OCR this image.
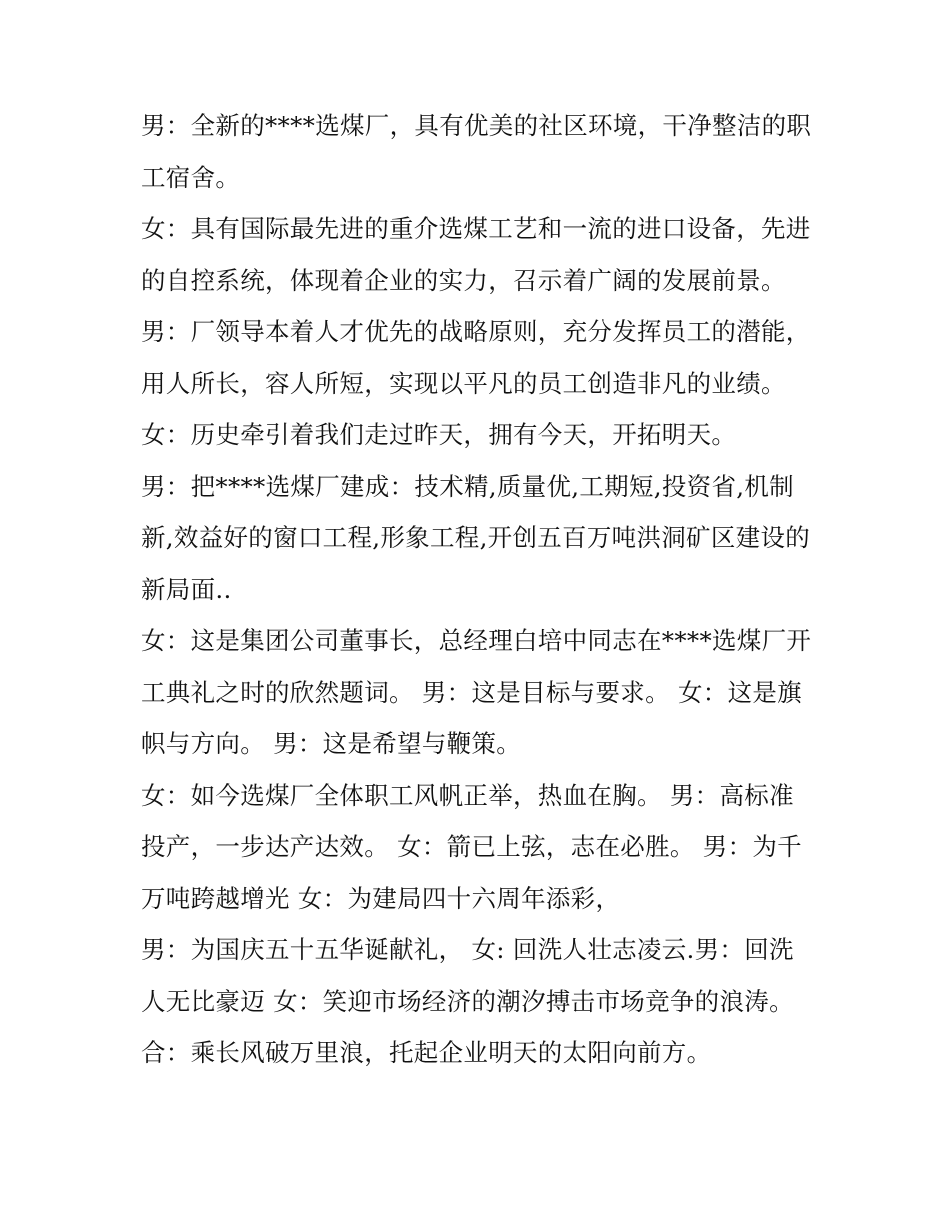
男：全新的****选煤厂，具有优美的社区环境，干净整洁的职工宿舍。

女：具有国际最先进的重介选煤工艺和一流的进口设备，先进的自控系统，体现着企业的实力，召示着广阔的发展前景。

男：厂领导本着人才优先的战略原则，充分发挥员工的潜能，用人所长，容人所短，实现以平凡的员工创造非凡的业绩。

女：历史牵引着我们走过昨天，拥有今天，开拓明天。

男：把****选煤厂建成：技术精,质量优,工期短,投资省,机制新,效益好的窗口工程,形象工程,开创五百万吨洪洞矿区建设的新局面..

女：这是集团公司董事长，总经理白培中同志在****选煤厂开工典礼之时的欣然题词。 男：这是目标与要求。 女：这是旗帜与方向。 男：这是希望与鞭策。

女：如今选煤厂全体职工风帆正举，热血在胸。 男：高标准投产，一步达产达效。 女：箭已上弦，志在必胜。 男：为千万吨跨越增光 女：为建局四十六周年添彩，

男：为国庆五十五华诞献礼， 女: 回洗人壮志凌云.男：回洗人无比豪迈 女：笑迎市场经济的潮汐搏击市场竞争的浪涛。

合：乘长风破万里浪，托起企业明天的太阳向前方。
